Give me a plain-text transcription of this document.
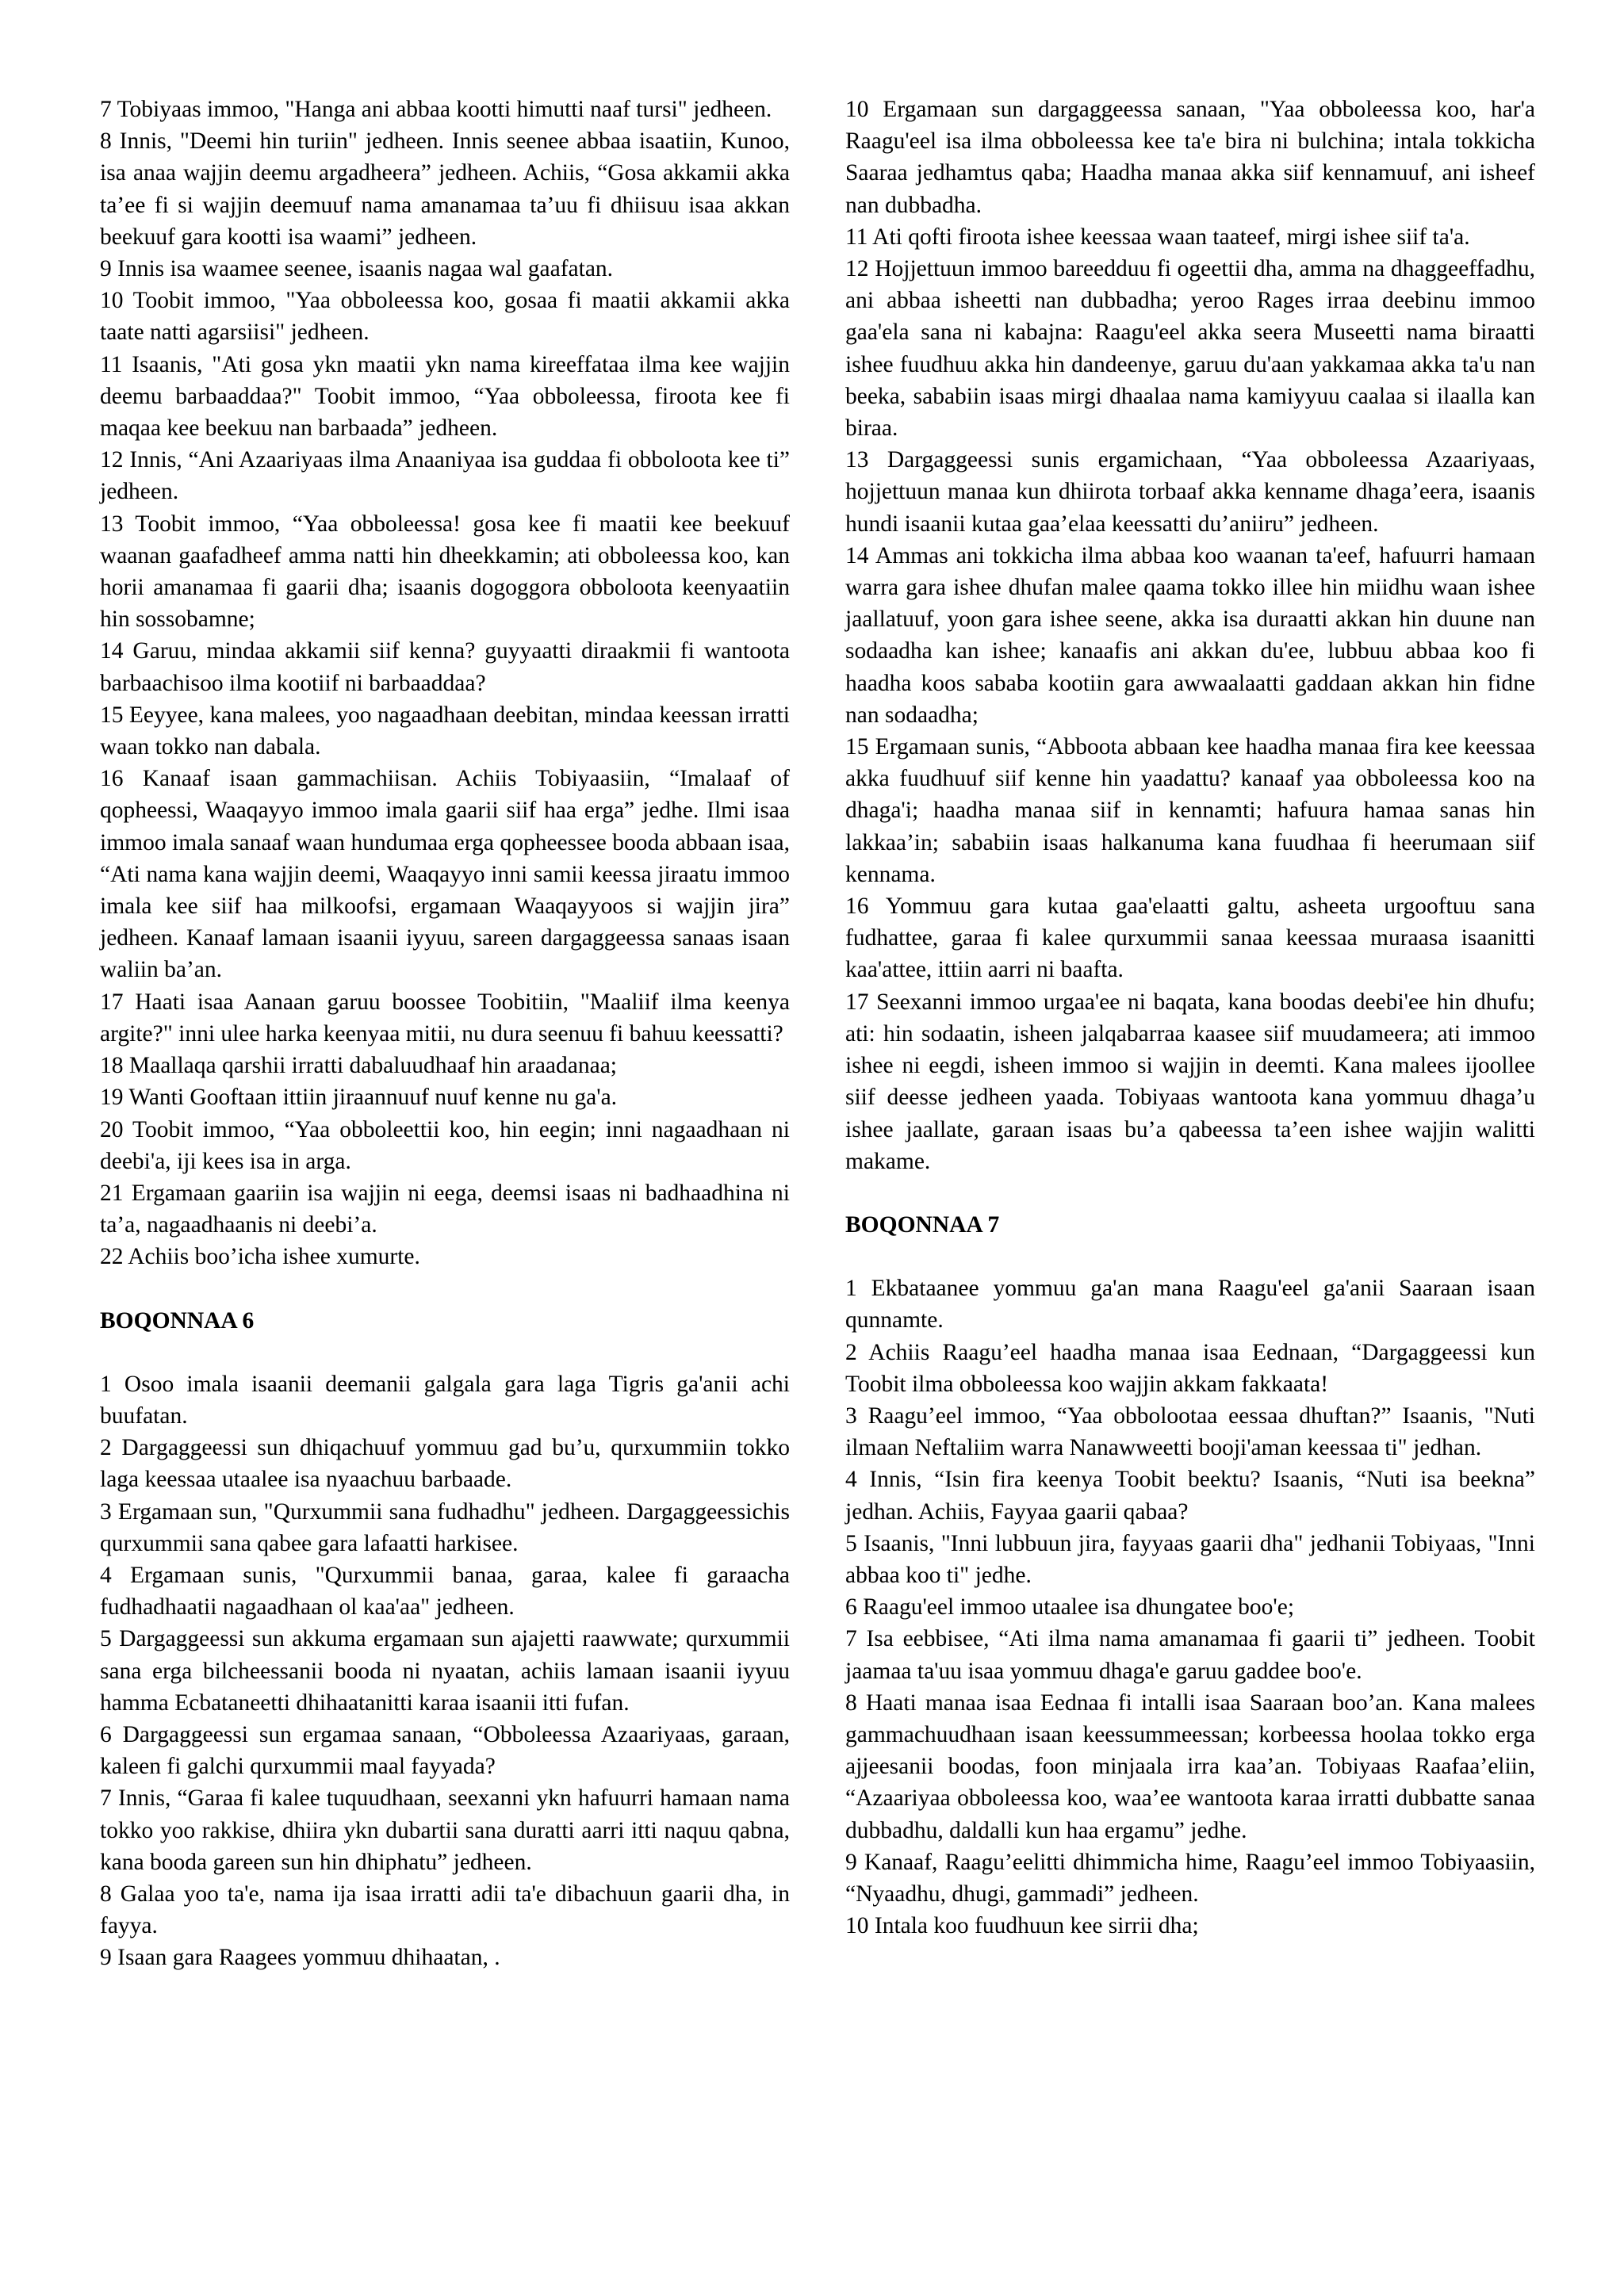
7 Tobiyaas immoo, "Hanga ani abbaa kootti himutti naaf tursi" jedheen.

8 Innis, "Deemi hin turiin" jedheen. Innis seenee abbaa isaatiin, Kunoo, isa anaa wajjin deemu argadheera” jedheen. Achiis, “Gosa akkamii akka ta’ee fi si wajjin deemuuf nama amanamaa ta’uu fi dhiisuu isaa akkan beekuuf gara kootti isa waami” jedheen.

9 Innis isa waamee seenee, isaanis nagaa wal gaafatan.

10 Toobit immoo, "Yaa obboleessa koo, gosaa fi maatii akkamii akka taate natti agarsiisi" jedheen.

11 Isaanis, "Ati gosa ykn maatii ykn nama kireeffataa ilma kee wajjin deemu barbaaddaa?" Toobit immoo, “Yaa obboleessa, firoota kee fi maqaa kee beekuu nan barbaada” jedheen.

12 Innis, “Ani Azaariyaas ilma Anaaniyaa isa guddaa fi obboloota kee ti” jedheen.

13 Toobit immoo, “Yaa obboleessa! gosa kee fi maatii kee beekuuf waanan gaafadheef amma natti hin dheekkamin; ati obboleessa koo, kan horii amanamaa fi gaarii dha; isaanis dogoggora obboloota keenyaatiin hin sossobamne;

14 Garuu, mindaa akkamii siif kenna? guyyaatti diraakmii fi wantoota barbaachisoo ilma kootiif ni barbaaddaa?

15 Eeyyee, kana malees, yoo nagaadhaan deebitan, mindaa keessan irratti waan tokko nan dabala.

16 Kanaaf isaan gammachiisan. Achiis Tobiyaasiin, “Imalaaf of qopheessi, Waaqayyo immoo imala gaarii siif haa erga” jedhe. Ilmi isaa immoo imala sanaaf waan hundumaa erga qopheessee booda abbaan isaa, “Ati nama kana wajjin deemi, Waaqayyo inni samii keessa jiraatu immoo imala kee siif haa milkoofsi, ergamaan Waaqayyoos si wajjin jira” jedheen. Kanaaf lamaan isaanii iyyuu, sareen dargaggeessa sanaas isaan waliin ba’an.

17 Haati isaa Aanaan garuu boossee Toobitiin, "Maaliif ilma keenya argite?" inni ulee harka keenyaa mitii, nu dura seenuu fi bahuu keessatti?

18 Maallaqa qarshii irratti dabaluudhaaf hin araadanaa;

19 Wanti Gooftaan ittiin jiraannuuf nuuf kenne nu ga'a.

20 Toobit immoo, “Yaa obboleettii koo, hin eegin; inni nagaadhaan ni deebi'a, iji kees isa in arga.

21 Ergamaan gaariin isa wajjin ni eega, deemsi isaas ni badhaadhina ni ta’a, nagaadhaanis ni deebi’a.

22 Achiis boo’icha ishee xumurte.

BOQONNAA 6

1 Osoo imala isaanii deemanii galgala gara laga Tigris ga'anii achi buufatan.

2 Dargaggeessi sun dhiqachuuf yommuu gad bu’u, qurxummiin tokko laga keessaa utaalee isa nyaachuu barbaade.

3 Ergamaan sun, "Qurxummii sana fudhadhu" jedheen. Dargaggeessichis qurxummii sana qabee gara lafaatti harkisee.

4 Ergamaan sunis, "Qurxummii banaa, garaa, kalee fi garaacha fudhadhaatii nagaadhaan ol kaa'aa" jedheen.

5 Dargaggeessi sun akkuma ergamaan sun ajajetti raawwate; qurxummii sana erga bilcheessanii booda ni nyaatan, achiis lamaan isaanii iyyuu hamma Ecbataneetti dhihaatanitti karaa isaanii itti fufan.

6 Dargaggeessi sun ergamaa sanaan, “Obboleessa Azaariyaas, garaan, kaleen fi galchi qurxummii maal fayyada?

7 Innis, “Garaa fi kalee tuquudhaan, seexanni ykn hafuurri hamaan nama tokko yoo rakkise, dhiira ykn dubartii sana duratti aarri itti naquu qabna, kana booda gareen sun hin dhiphatu” jedheen.

8 Galaa yoo ta'e, nama ija isaa irratti adii ta'e dibachuun gaarii dha, in fayya.

9 Isaan gara Raagees yommuu dhihaatan, .

10 Ergamaan sun dargaggeessa sanaan, "Yaa obboleessa koo, har'a Raagu'eel isa ilma obboleessa kee ta'e bira ni bulchina; intala tokkicha Saaraa jedhamtus qaba; Haadha manaa akka siif kennamuuf, ani isheef nan dubbadha.

11 Ati qofti firoota ishee keessaa waan taateef, mirgi ishee siif ta'a.

12 Hojjettuun immoo bareedduu fi ogeettii dha, amma na dhaggeeffadhu, ani abbaa isheetti nan dubbadha; yeroo Rages irraa deebinu immoo gaa'ela sana ni kabajna: Raagu'eel akka seera Museetti nama biraatti ishee fuudhuu akka hin dandeenye, garuu du'aan yakkamaa akka ta'u nan beeka, sababiin isaas mirgi dhaalaa nama kamiyyuu caalaa si ilaalla kan biraa.

13 Dargaggeessi sunis ergamichaan, “Yaa obboleessa Azaariyaas, hojjettuun manaa kun dhiirota torbaaf akka kenname dhaga’eera, isaanis hundi isaanii kutaa gaa’elaa keessatti du’aniiru” jedheen.

14 Ammas ani tokkicha ilma abbaa koo waanan ta'eef, hafuurri hamaan warra gara ishee dhufan malee qaama tokko illee hin miidhu waan ishee jaallatuuf, yoon gara ishee seene, akka isa duraatti akkan hin duune nan sodaadha kan ishee; kanaafis ani akkan du'ee, lubbuu abbaa koo fi haadha koos sababa kootiin gara awwaalaatti gaddaan akkan hin fidne nan sodaadha;

15 Ergamaan sunis, “Abboota abbaan kee haadha manaa fira kee keessaa akka fuudhuuf siif kenne hin yaadattu? kanaaf yaa obboleessa koo na dhaga'i; haadha manaa siif in kennamti; hafuura hamaa sanas hin lakkaa’in; sababiin isaas halkanuma kana fuudhaa fi heerumaan siif kennama.

16 Yommuu gara kutaa gaa'elaatti galtu, asheeta urgooftuu sana fudhattee, garaa fi kalee qurxummii sanaa keessaa muraasa isaanitti kaa'attee, ittiin aarri ni baafta.

17 Seexanni immoo urgaa'ee ni baqata, kana boodas deebi'ee hin dhufu; ati: hin sodaatin, isheen jalqabarraa kaasee siif muudameera; ati immoo ishee ni eegdi, isheen immoo si wajjin in deemti. Kana malees ijoollee siif deesse jedheen yaada. Tobiyaas wantoota kana yommuu dhaga’u ishee jaallate, garaan isaas bu’a qabeessa ta’een ishee wajjin walitti makame.

BOQONNAA 7

1 Ekbataanee yommuu ga'an mana Raagu'eel ga'anii Saaraan isaan qunnamte.

2 Achiis Raagu’eel haadha manaa isaa Eednaan, “Dargaggeessi kun Toobit ilma obboleessa koo wajjin akkam fakkaata!

3 Raagu’eel immoo, “Yaa obbolootaa eessaa dhuftan?” Isaanis, "Nuti ilmaan Neftaliim warra Nanawweetti booji'aman keessaa ti" jedhan.

4 Innis, “Isin fira keenya Toobit beektu? Isaanis, “Nuti isa beekna” jedhan. Achiis, Fayyaa gaarii qabaa?

5 Isaanis, "Inni lubbuun jira, fayyaas gaarii dha" jedhanii Tobiyaas, "Inni abbaa koo ti" jedhe.

6 Raagu'eel immoo utaalee isa dhungatee boo'e;

7 Isa eebbisee, “Ati ilma nama amanamaa fi gaarii ti” jedheen. Toobit jaamaa ta'uu isaa yommuu dhaga'e garuu gaddee boo'e.

8 Haati manaa isaa Eednaa fi intalli isaa Saaraan boo’an. Kana malees gammachuudhaan isaan keessummeessan; korbeessa hoolaa tokko erga ajjeesanii boodas, foon minjaala irra kaa’an. Tobiyaas Raafaa’eliin, “Azaariyaa obboleessa koo, waa’ee wantoota karaa irratti dubbatte sanaa dubbadhu, daldalli kun haa ergamu” jedhe.

9 Kanaaf, Raagu’eelitti dhimmicha hime, Raagu’eel immoo Tobiyaasiin, “Nyaadhu, dhugi, gammadi” jedheen.

10 Intala koo fuudhuun kee sirrii dha;
